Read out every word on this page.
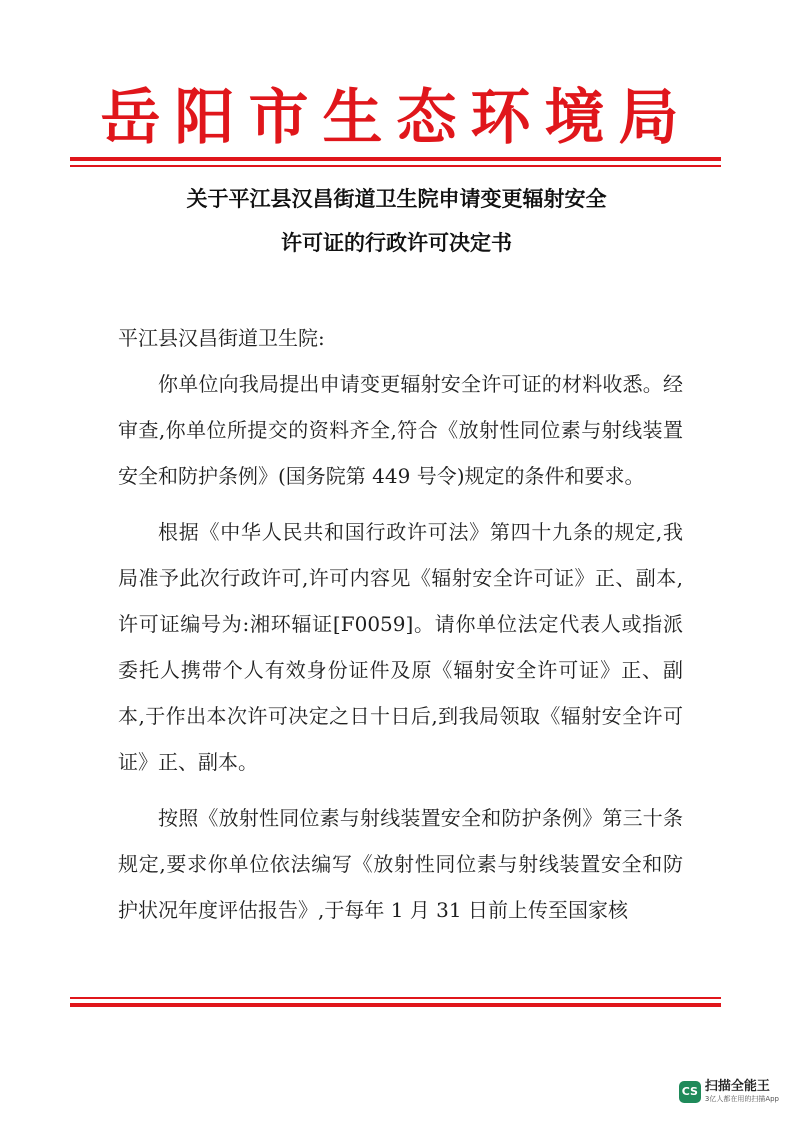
岳阳市生态环境局
关于平江县汉昌街道卫生院申请变更辐射安全
许可证的行政许可决定书

平江县汉昌街道卫生院:

你单位向我局提出申请变更辐射安全许可证的材料收悉。经审查,你单位所提交的资料齐全,符合《放射性同位素与射线装置安全和防护条例》(国务院第 449 号令)规定的条件和要求。

根据《中华人民共和国行政许可法》第四十九条的规定,我局准予此次行政许可,许可内容见《辐射安全许可证》正、副本,许可证编号为:湘环辐证[F0059]。请你单位法定代表人或指派委托人携带个人有效身份证件及原《辐射安全许可证》正、副本,于作出本次许可决定之日十日后,到我局领取《辐射安全许可证》正、副本。

按照《放射性同位素与射线装置安全和防护条例》第三十条规定,要求你单位依法编写《放射性同位素与射线装置安全和防护状况年度评估报告》,于每年 1 月 31 日前上传至国家核

CS 扫描全能王
3亿人都在用的扫描App
